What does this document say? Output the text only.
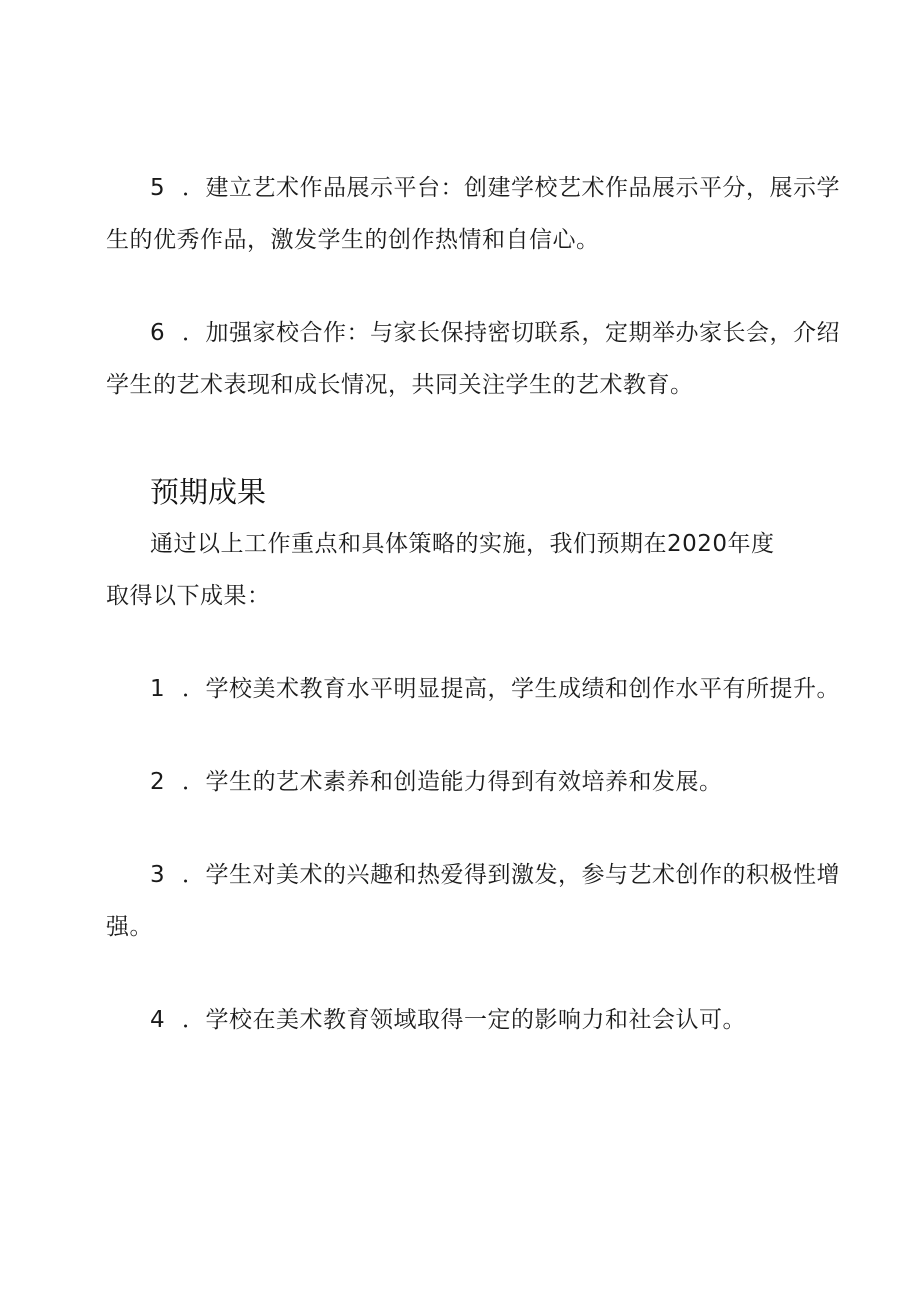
5 ．建立艺术作品展示平台：创建学校艺术作品展示平分，展示学
生的优秀作品，激发学生的创作热情和自信心。
6 ．加强家校合作：与家长保持密切联系，定期举办家长会，介绍
学生的艺术表现和成长情况，共同关注学生的艺术教育。
预期成果
通过以上工作重点和具体策略的实施，我们预期在2020年度
取得以下成果：
1 ．学校美术教育水平明显提高，学生成绩和创作水平有所提升。
2 ．学生的艺术素养和创造能力得到有效培养和发展。
3 ．学生对美术的兴趣和热爱得到激发，参与艺术创作的积极性增
强。
4 ．学校在美术教育领域取得一定的影响力和社会认可。
